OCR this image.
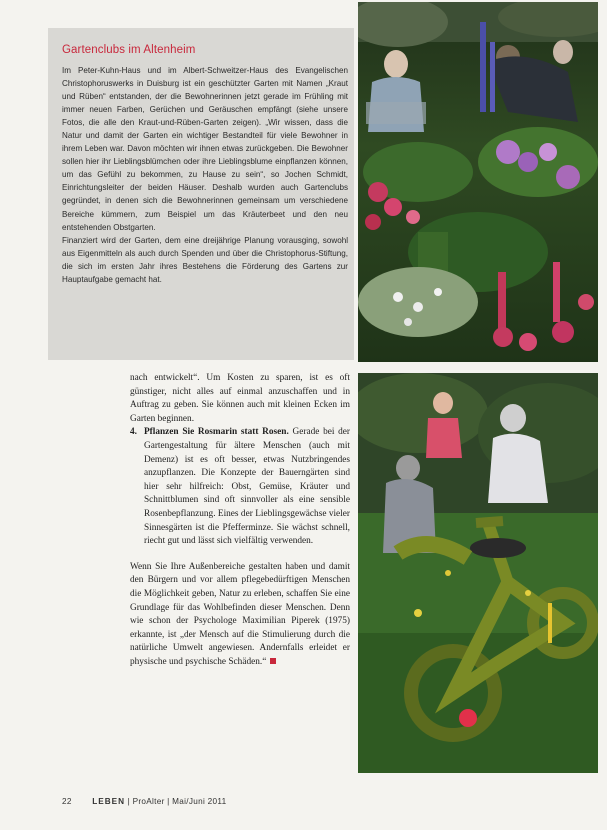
Gartenclubs im Altenheim

Im Peter-Kuhn-Haus und im Albert-Schweitzer-Haus des Evangelischen Christophoruswerks in Duisburg ist ein geschützter Garten mit Namen „Kraut und Rüben“ entstanden, der die Bewohnerinnen jetzt gerade im Frühling mit immer neuen Farben, Gerüchen und Geräuschen empfängt (siehe unsere Fotos, die alle den Kraut-und-Rüben-Garten zeigen). „Wir wissen, dass die Natur und damit der Garten ein wichtiger Bestandteil für viele Bewohner in ihrem Leben war. Davon möchten wir ihnen etwas zurückgeben. Die Bewohner sollen hier ihr Lieblingsblümchen oder ihre Lieblingsblume einpflanzen können, um das Gefühl zu bekommen, zu Hause zu sein“, so Jochen Schmidt, Einrichtungsleiter der beiden Häuser. Deshalb wurden auch Gartenclubs gegründet, in denen sich die Bewohnerinnen gemeinsam um verschiedene Bereiche kümmern, zum Beispiel um das Kräuterbeet und den neu entstehenden Obstgarten.

Finanziert wird der Garten, dem eine dreijährige Planung vorausging, sowohl aus Eigenmitteln als auch durch Spenden und über die Christophorus-Stiftung, die sich im ersten Jahr ihres Bestehens die Förderung des Gartens zur Hauptaufgabe gemacht hat.

nach entwickelt“. Um Kosten zu sparen, ist es oft günstiger, nicht alles auf einmal anzuschaffen und in Auftrag zu geben. Sie können auch mit kleinen Ecken im Garten beginnen.

4. Pflanzen Sie Rosmarin statt Rosen. Gerade bei der Gartengestaltung für ältere Menschen (auch mit Demenz) ist es oft besser, etwas Nutzbringendes anzupflanzen. Die Konzepte der Bauerngärten sind hier sehr hilfreich: Obst, Gemüse, Kräuter und Schnittblumen sind oft sinnvoller als eine sensible Rosenbepflanzung. Eines der Lieblingsgewächse vieler Sinnesgärten ist die Pfefferminze. Sie wächst schnell, riecht gut und lässt sich vielfältig verwenden.

Wenn Sie Ihre Außenbereiche gestalten haben und damit den Bürgern und vor allem pflegebedürftigen Menschen die Möglichkeit geben, Natur zu erleben, schaffen Sie eine Grundlage für das Wohlbefinden dieser Menschen. Denn wie schon der Psychologe Maximilian Piperek (1975) erkannte, ist „der Mensch auf die Stimulierung durch die natürliche Umwelt angewiesen. Andernfalls erleidet er physische und psychische Schäden.“

22	LEBEN | ProAlter | Mai/Juni 2011
